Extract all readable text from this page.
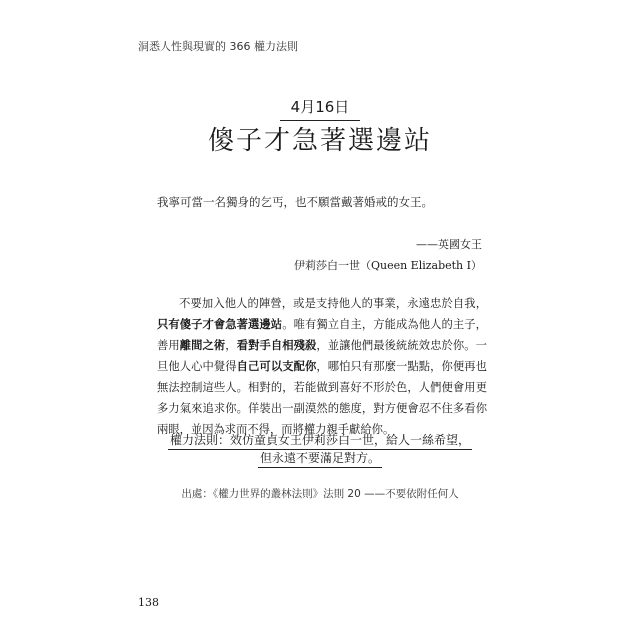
洞悉人性與現實的 366 權力法則
4月16日
傻子才急著選邊站
我寧可當一名獨身的乞丐，也不願當戴著婚戒的女王。
——英國女王
伊莉莎白一世（Queen Elizabeth I）
不要加入他人的陣營，或是支持他人的事業，永遠忠於自我，只有傻子才會急著選邊站。唯有獨立自主，方能成為他人的主子，善用離間之術，看對手自相殘殺，並讓他們最後統統效忠於你。一旦他人心中覺得自己可以支配你，哪怕只有那麼一點點，你便再也無法控制這些人。相對的，若能做到喜好不形於色，人們便會用更多力氣來追求你。佯裝出一副漠然的態度，對方便會忍不住多看你兩眼，並因為求而不得，而將權力親手獻給你。
權力法則：效仿童貞女王伊莉莎白一世，給人一絲希望，
但永遠不要滿足對方。
出處：《權力世界的叢林法則》法則 20 ——不要依附任何人
138
